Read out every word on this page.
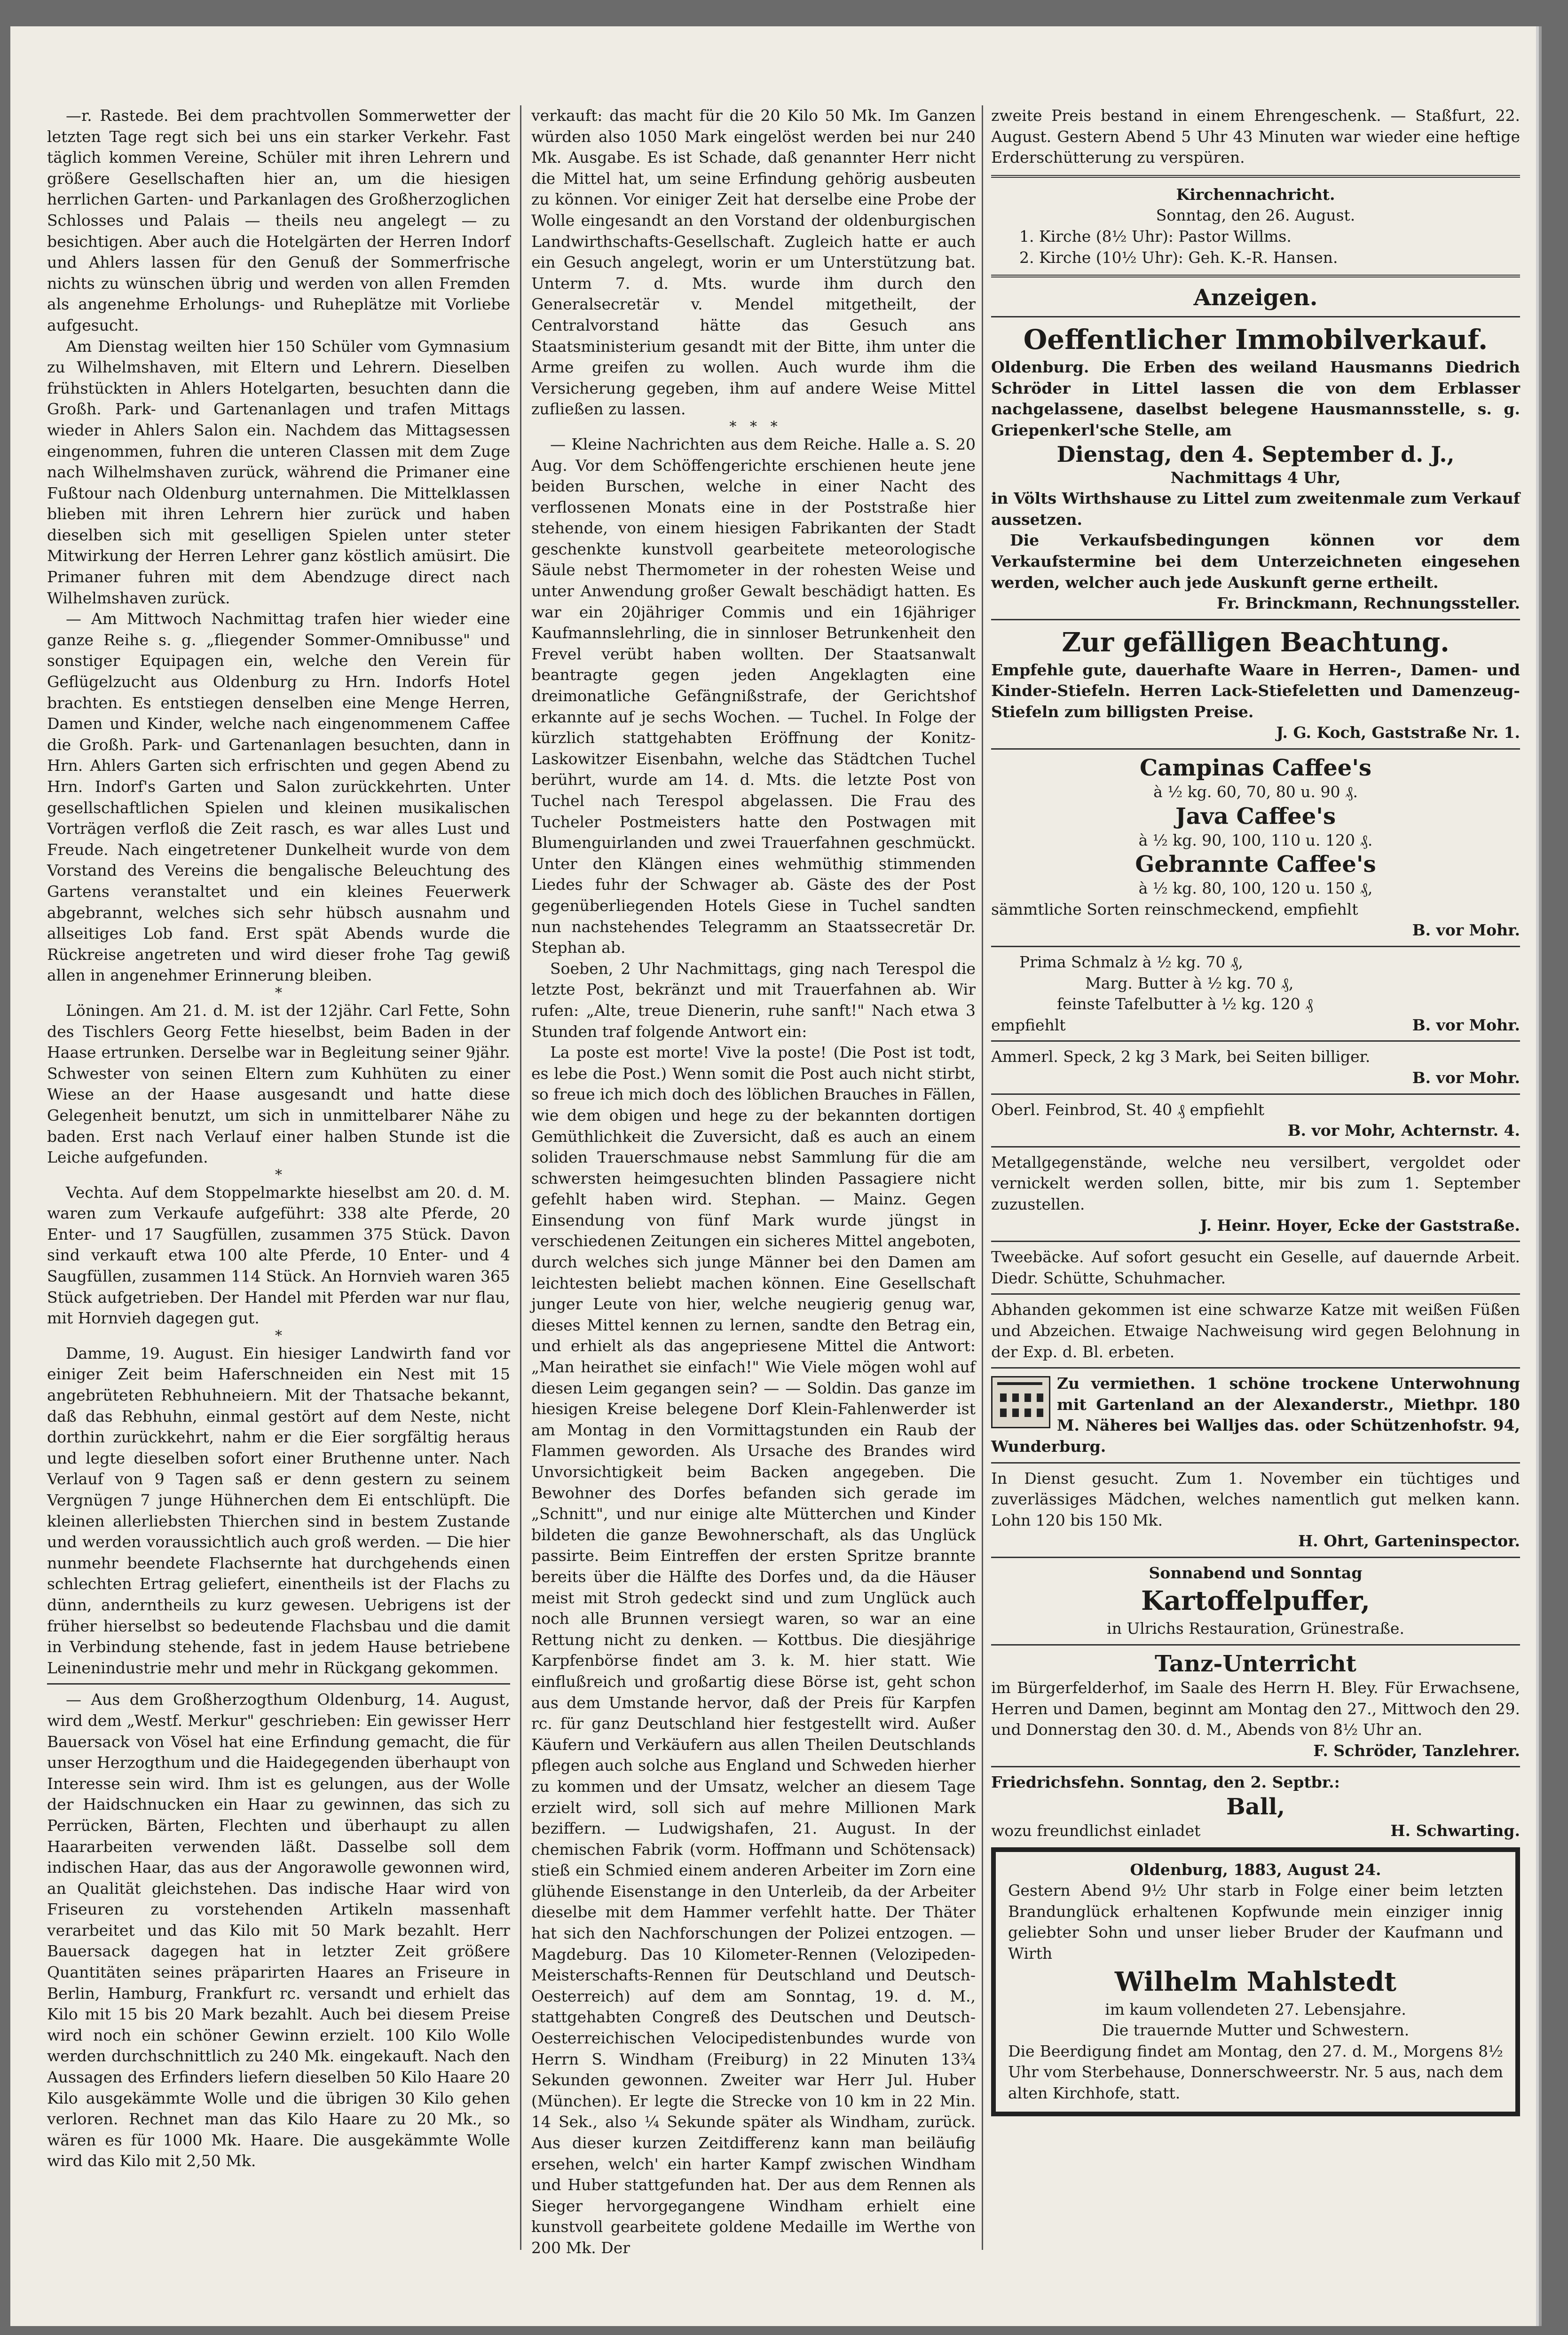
—r. Rastede. Bei dem prachtvollen Sommerwetter der letzten Tage regt sich bei uns ein starker Verkehr. Fast täglich kommen Vereine, Schüler mit ihren Lehrern und größere Gesellschaften hier an, um die hiesigen herrlichen Garten- und Parkanlagen des Großherzoglichen Schlosses und Palais — theils neu angelegt — zu besichtigen. Aber auch die Hotelgärten der Herren Indorf und Ahlers lassen für den Genuß der Sommerfrische nichts zu wünschen übrig und werden von allen Fremden als angenehme Erholungs- und Ruheplätze mit Vorliebe aufgesucht.

Am Dienstag weilten hier 150 Schüler vom Gymnasium zu Wilhelmshaven, mit Eltern und Lehrern. Dieselben frühstückten in Ahlers Hotelgarten, besuchten dann die Großh. Park- und Gartenanlagen und trafen Mittags wieder in Ahlers Salon ein. Nachdem das Mittagsessen eingenommen, fuhren die unteren Classen mit dem Zuge nach Wilhelmshaven zurück, während die Primaner eine Fußtour nach Oldenburg unternahmen. Die Mittelklassen blieben mit ihren Lehrern hier zurück und haben dieselben sich mit geselligen Spielen unter steter Mitwirkung der Herren Lehrer ganz köstlich amüsirt. Die Primaner fuhren mit dem Abendzuge direct nach Wilhelmshaven zurück.

— Am Mittwoch Nachmittag trafen hier wieder eine ganze Reihe s. g. „fliegender Sommer-Omnibusse" und sonstiger Equipagen ein, welche den Verein für Geflügelzucht aus Oldenburg zu Hrn. Indorfs Hotel brachten. Es entstiegen denselben eine Menge Herren, Damen und Kinder, welche nach eingenommenem Caffee die Großh. Park- und Gartenanlagen besuchten, dann in Hrn. Ahlers Garten sich erfrischten und gegen Abend zu Hrn. Indorf's Garten und Salon zurückkehrten. Unter gesellschaftlichen Spielen und kleinen musikalischen Vorträgen verfloß die Zeit rasch, es war alles Lust und Freude. Nach eingetretener Dunkelheit wurde von dem Vorstand des Vereins die bengalische Beleuchtung des Gartens veranstaltet und ein kleines Feuerwerk abgebrannt, welches sich sehr hübsch ausnahm und allseitiges Lob fand. Erst spät Abends wurde die Rückreise angetreten und wird dieser frohe Tag gewiß allen in angenehmer Erinnerung bleiben.

*

Löningen. Am 21. d. M. ist der 12jähr. Carl Fette, Sohn des Tischlers Georg Fette hieselbst, beim Baden in der Haase ertrunken. Derselbe war in Begleitung seiner 9jähr. Schwester von seinen Eltern zum Kuhhüten zu einer Wiese an der Haase ausgesandt und hatte diese Gelegenheit benutzt, um sich in unmittelbarer Nähe zu baden. Erst nach Verlauf einer halben Stunde ist die Leiche aufgefunden.

*

Vechta. Auf dem Stoppelmarkte hieselbst am 20. d. M. waren zum Verkaufe aufgeführt: 338 alte Pferde, 20 Enter- und 17 Saugfüllen, zusammen 375 Stück. Davon sind verkauft etwa 100 alte Pferde, 10 Enter- und 4 Saugfüllen, zusammen 114 Stück. An Hornvieh waren 365 Stück aufgetrieben. Der Handel mit Pferden war nur flau, mit Hornvieh dagegen gut.

*

Damme, 19. August. Ein hiesiger Landwirth fand vor einiger Zeit beim Haferschneiden ein Nest mit 15 angebrüteten Rebhuhneiern. Mit der Thatsache bekannt, daß das Rebhuhn, einmal gestört auf dem Neste, nicht dorthin zurückkehrt, nahm er die Eier sorgfältig heraus und legte dieselben sofort einer Bruthenne unter. Nach Verlauf von 9 Tagen saß er denn gestern zu seinem Vergnügen 7 junge Hühnerchen dem Ei entschlüpft. Die kleinen allerliebsten Thierchen sind in bestem Zustande und werden voraussichtlich auch groß werden. — Die hier nunmehr beendete Flachsernte hat durchgehends einen schlechten Ertrag geliefert, einentheils ist der Flachs zu dünn, anderntheils zu kurz gewesen. Uebrigens ist der früher hierselbst so bedeutende Flachsbau und die damit in Verbindung stehende, fast in jedem Hause betriebene Leinenindustrie mehr und mehr in Rückgang gekommen.

— Aus dem Großherzogthum Oldenburg, 14. August, wird dem „Westf. Merkur" geschrieben: Ein gewisser Herr Bauersack von Vösel hat eine Erfindung gemacht, die für unser Herzogthum und die Haidegegenden überhaupt von Interesse sein wird. Ihm ist es gelungen, aus der Wolle der Haidschnucken ein Haar zu gewinnen, das sich zu Perrücken, Bärten, Flechten und überhaupt zu allen Haararbeiten verwenden läßt. Dasselbe soll dem indischen Haar, das aus der Angorawolle gewonnen wird, an Qualität gleichstehen. Das indische Haar wird von Friseuren zu vorstehenden Artikeln massenhaft verarbeitet und das Kilo mit 50 Mark bezahlt. Herr Bauersack dagegen hat in letzter Zeit größere Quantitäten seines präparirten Haares an Friseure in Berlin, Hamburg, Frankfurt rc. versandt und erhielt das Kilo mit 15 bis 20 Mark bezahlt. Auch bei diesem Preise wird noch ein schöner Gewinn erzielt. 100 Kilo Wolle werden durchschnittlich zu 240 Mk. eingekauft. Nach den Aussagen des Erfinders liefern dieselben 50 Kilo Haare 20 Kilo ausgekämmte Wolle und die übrigen 30 Kilo gehen verloren. Rechnet man das Kilo Haare zu 20 Mk., so wären es für 1000 Mk. Haare. Die ausgekämmte Wolle wird das Kilo mit 2,50 Mk.

verkauft: das macht für die 20 Kilo 50 Mk. Im Ganzen würden also 1050 Mark eingelöst werden bei nur 240 Mk. Ausgabe. Es ist Schade, daß genannter Herr nicht die Mittel hat, um seine Erfindung gehörig ausbeuten zu können. Vor einiger Zeit hat derselbe eine Probe der Wolle eingesandt an den Vorstand der oldenburgischen Landwirthschafts-Gesellschaft. Zugleich hatte er auch ein Gesuch angelegt, worin er um Unterstützung bat. Unterm 7. d. Mts. wurde ihm durch den Generalsecretär v. Mendel mitgetheilt, der Centralvorstand hätte das Gesuch ans Staatsministerium gesandt mit der Bitte, ihm unter die Arme greifen zu wollen. Auch wurde ihm die Versicherung gegeben, ihm auf andere Weise Mittel zufließen zu lassen.

*   *   *

— Kleine Nachrichten aus dem Reiche. Halle a. S. 20 Aug. Vor dem Schöffengerichte erschienen heute jene beiden Burschen, welche in einer Nacht des verflossenen Monats eine in der Poststraße hier stehende, von einem hiesigen Fabrikanten der Stadt geschenkte kunstvoll gearbeitete meteorologische Säule nebst Thermometer in der rohesten Weise und unter Anwendung großer Gewalt beschädigt hatten. Es war ein 20jähriger Commis und ein 16jähriger Kaufmannslehrling, die in sinnloser Betrunkenheit den Frevel verübt haben wollten. Der Staatsanwalt beantragte gegen jeden Angeklagten eine dreimonatliche Gefängnißstrafe, der Gerichtshof erkannte auf je sechs Wochen. — Tuchel. In Folge der kürzlich stattgehabten Eröffnung der Konitz-Laskowitzer Eisenbahn, welche das Städtchen Tuchel berührt, wurde am 14. d. Mts. die letzte Post von Tuchel nach Terespol abgelassen. Die Frau des Tucheler Postmeisters hatte den Postwagen mit Blumenguirlanden und zwei Trauerfahnen geschmückt. Unter den Klängen eines wehmüthig stimmenden Liedes fuhr der Schwager ab. Gäste des der Post gegenüberliegenden Hotels Giese in Tuchel sandten nun nachstehendes Telegramm an Staatssecretär Dr. Stephan ab.

Soeben, 2 Uhr Nachmittags, ging nach Terespol die letzte Post, bekränzt und mit Trauerfahnen ab. Wir rufen: „Alte, treue Dienerin, ruhe sanft!" Nach etwa 3 Stunden traf folgende Antwort ein:

La poste est morte! Vive la poste! (Die Post ist todt, es lebe die Post.) Wenn somit die Post auch nicht stirbt, so freue ich mich doch des löblichen Brauches in Fällen, wie dem obigen und hege zu der bekannten dortigen Gemüthlichkeit die Zuversicht, daß es auch an einem soliden Trauerschmause nebst Sammlung für die am schwersten heimgesuchten blinden Passagiere nicht gefehlt haben wird. Stephan. — Mainz. Gegen Einsendung von fünf Mark wurde jüngst in verschiedenen Zeitungen ein sicheres Mittel angeboten, durch welches sich junge Männer bei den Damen am leichtesten beliebt machen können. Eine Gesellschaft junger Leute von hier, welche neugierig genug war, dieses Mittel kennen zu lernen, sandte den Betrag ein, und erhielt als das angepriesene Mittel die Antwort: „Man heirathet sie einfach!" Wie Viele mögen wohl auf diesen Leim gegangen sein? — — Soldin. Das ganze im hiesigen Kreise belegene Dorf Klein-Fahlenwerder ist am Montag in den Vormittagstunden ein Raub der Flammen geworden. Als Ursache des Brandes wird Unvorsichtigkeit beim Backen angegeben. Die Bewohner des Dorfes befanden sich gerade im „Schnitt", und nur einige alte Mütterchen und Kinder bildeten die ganze Bewohnerschaft, als das Unglück passirte. Beim Eintreffen der ersten Spritze brannte bereits über die Hälfte des Dorfes und, da die Häuser meist mit Stroh gedeckt sind und zum Unglück auch noch alle Brunnen versiegt waren, so war an eine Rettung nicht zu denken. — Kottbus. Die diesjährige Karpfenbörse findet am 3. k. M. hier statt. Wie einflußreich und großartig diese Börse ist, geht schon aus dem Umstande hervor, daß der Preis für Karpfen rc. für ganz Deutschland hier festgestellt wird. Außer Käufern und Verkäufern aus allen Theilen Deutschlands pflegen auch solche aus England und Schweden hierher zu kommen und der Umsatz, welcher an diesem Tage erzielt wird, soll sich auf mehre Millionen Mark beziffern. — Ludwigshafen, 21. August. In der chemischen Fabrik (vorm. Hoffmann und Schötensack) stieß ein Schmied einem anderen Arbeiter im Zorn eine glühende Eisenstange in den Unterleib, da der Arbeiter dieselbe mit dem Hammer verfehlt hatte. Der Thäter hat sich den Nachforschungen der Polizei entzogen. — Magdeburg. Das 10 Kilometer-Rennen (Velozipeden-Meisterschafts-Rennen für Deutschland und Deutsch-Oesterreich) auf dem am Sonntag, 19. d. M., stattgehabten Congreß des Deutschen und Deutsch-Oesterreichischen Velocipedistenbundes wurde von Herrn S. Windham (Freiburg) in 22 Minuten 13¾ Sekunden gewonnen. Zweiter war Herr Jul. Huber (München). Er legte die Strecke von 10 km in 22 Min. 14 Sek., also ¼ Sekunde später als Windham, zurück. Aus dieser kurzen Zeitdifferenz kann man beiläufig ersehen, welch' ein harter Kampf zwischen Windham und Huber stattgefunden hat. Der aus dem Rennen als Sieger hervorgegangene Windham erhielt eine kunstvoll gearbeitete goldene Medaille im Werthe von 200 Mk. Der

zweite Preis bestand in einem Ehrengeschenk. — Staßfurt, 22. August. Gestern Abend 5 Uhr 43 Minuten war wieder eine heftige Erderschütterung zu verspüren.

Kirchennachricht.

Sonntag, den 26. August.

1. Kirche (8½ Uhr): Pastor Willms.

2. Kirche (10½ Uhr): Geh. K.-R. Hansen.

Anzeigen.

Oeffentlicher Immobilverkauf.

Oldenburg. Die Erben des weiland Hausmanns Diedrich Schröder in Littel lassen die von dem Erblasser nachgelassene, daselbst belegene Hausmannsstelle, s. g. Griepenkerl'sche Stelle, am

Dienstag, den 4. September d. J.,

Nachmittags 4 Uhr,

in Völts Wirthshause zu Littel zum zweitenmale zum Verkauf aussetzen.

Die Verkaufsbedingungen können vor dem Verkaufstermine bei dem Unterzeichneten eingesehen werden, welcher auch jede Auskunft gerne ertheilt.

Fr. Brinckmann, Rechnungssteller.

Zur gefälligen Beachtung.

Empfehle gute, dauerhafte Waare in Herren-, Damen- und Kinder-Stiefeln. Herren Lack-Stiefeletten und Damenzeug-Stiefeln zum billigsten Preise.

J. G. Koch, Gaststraße Nr. 1.

Campinas Caffee's

à ½ kg. 60, 70, 80 u. 90 ₰.

Java Caffee's

à ½ kg. 90, 100, 110 u. 120 ₰.

Gebrannte Caffee's

à ½ kg. 80, 100, 120 u. 150 ₰,

sämmtliche Sorten reinschmeckend, empfiehlt

B. vor Mohr.

Prima Schmalz à ½ kg. 70 ₰,

Marg. Butter à ½ kg. 70 ₰,

feinste Tafelbutter à ½ kg. 120 ₰

empfiehlt	B. vor Mohr.

Ammerl. Speck, 2 kg 3 Mark, bei Seiten billiger.

B. vor Mohr.

Oberl. Feinbrod, St. 40 ₰ empfiehlt

B. vor Mohr, Achternstr. 4.

Metallgegenstände, welche neu versilbert, vergoldet oder vernickelt werden sollen, bitte, mir bis zum 1. September zuzustellen.

J. Heinr. Hoyer, Ecke der Gaststraße.

Tweebäcke. Auf sofort gesucht ein Geselle, auf dauernde Arbeit. Diedr. Schütte, Schuhmacher.

Abhanden gekommen ist eine schwarze Katze mit weißen Füßen und Abzeichen. Etwaige Nachweisung wird gegen Belohnung in der Exp. d. Bl. erbeten.

Zu vermiethen. 1 schöne trockene Unterwohnung mit Gartenland an der Alexanderstr., Miethpr. 180 M. Näheres bei Walljes das. oder Schützenhofstr. 94, Wunderburg.

In Dienst gesucht. Zum 1. November ein tüchtiges und zuverlässiges Mädchen, welches namentlich gut melken kann. Lohn 120 bis 150 Mk.

H. Ohrt, Garteninspector.

Sonnabend und Sonntag

Kartoffelpuffer,

in Ulrichs Restauration, Grünestraße.

Tanz-Unterricht

im Bürgerfelderhof, im Saale des Herrn H. Bley. Für Erwachsene, Herren und Damen, beginnt am Montag den 27., Mittwoch den 29. und Donnerstag den 30. d. M., Abends von 8½ Uhr an.

F. Schröder, Tanzlehrer.

Friedrichsfehn. Sonntag, den 2. Septbr.:

Ball,

wozu freundlichst einladet	H. Schwarting.

Oldenburg, 1883, August 24.

Gestern Abend 9½ Uhr starb in Folge einer beim letzten Brandunglück erhaltenen Kopfwunde mein einziger innig geliebter Sohn und unser lieber Bruder der Kaufmann und Wirth

Wilhelm Mahlstedt

im kaum vollendeten 27. Lebensjahre.

Die trauernde Mutter und Schwestern.

Die Beerdigung findet am Montag, den 27. d. M., Morgens 8½ Uhr vom Sterbehause, Donnerschweerstr. Nr. 5 aus, nach dem alten Kirchhofe, statt.
